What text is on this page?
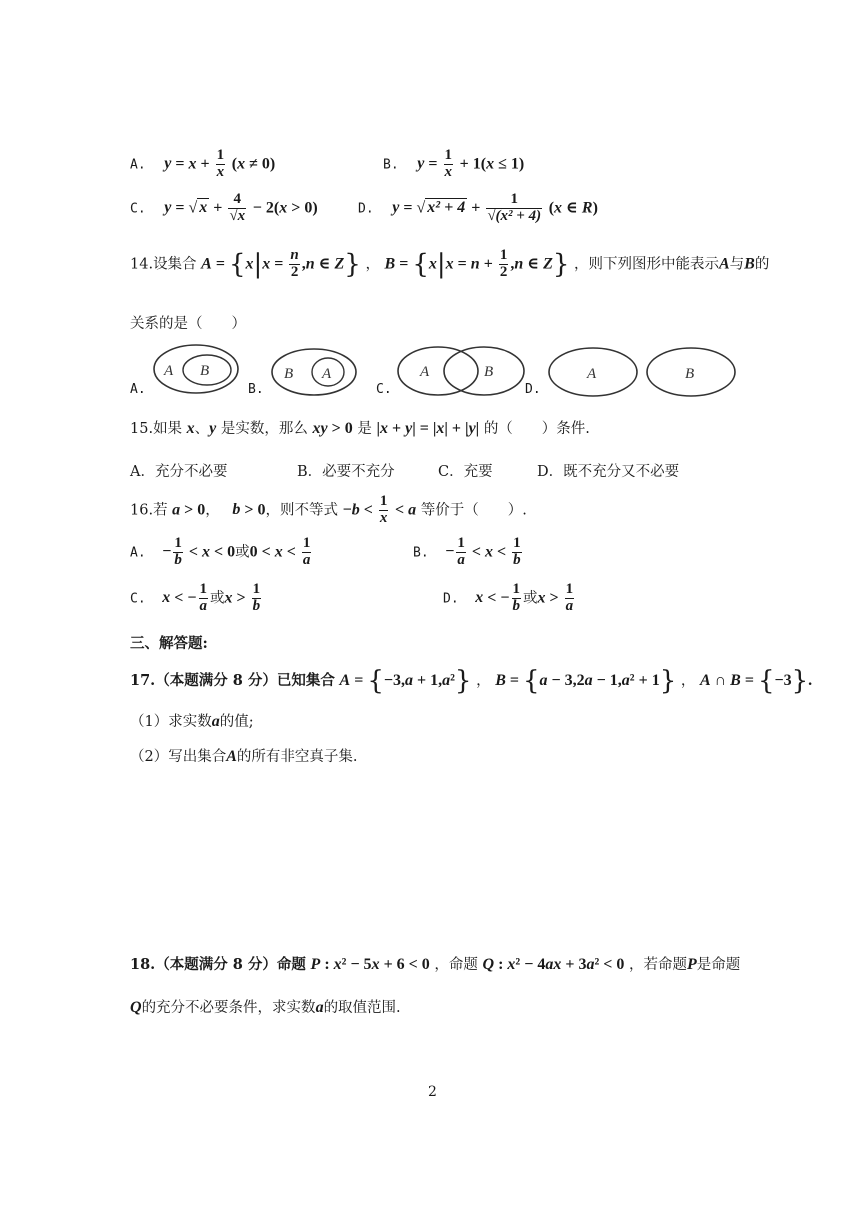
A. $y = x + \frac{1}{x} (x \ne 0)$	B. $y = \frac{1}{x} + 1(x \le 1)$
C. y = √ $x + \frac{4}{√x} - 2(x > 0)$	D. y = √ $x^2 + 4 + \frac{1}{\text{√(x² + 4)}} (x$ ∈ R)
14.设集合 $A = \{x|x = \frac{n}{2} ,n$ ∈ Z} ， $B = \{x|x = n + \frac{1}{2} ,n$ ∈ Z} ，则下列图形中能表示A与B的
关系的是（　　）
A.
A B
B.
B A
C.
A	B
D.
A	B
15.如果 x、y 是实数，那么 xy > 0 是 |x + y| = |x| + |y| 的（　　）条件.
A．充分不必要	B．必要不充分	C．充要	D．既不充分又不必要
16.若 a > 0， b > 0，则不等式 $-b < \frac{1}{x} < a$ 等价于（　　）.
A. − $\frac{1}{b} < x < 0$或$0 < x < \frac{1}{a}$	B. − $\frac{1}{a} < x < \frac{1}{b}$
C. x < − $\frac{1}{a}$ 或$x > \frac{1}{b}$	D. x < − $\frac{1}{b}$ 或$x > \frac{1}{a}$
三、解答题:
17.（本题满分 8 分）已知集合 A = {−3,a + 1,a²} ， B = {a − 3,2a − 1,a² + 1} ， A ∩ B = {−3}.
（1）求实数a的值;
（2）写出集合A的所有非空真子集.
18.（本题满分 8 分）命题 P : x² − 5x + 6 < 0 ，命题 Q : x² − 4ax + 3a² < 0 ，若命题P是命题
Q的充分不必要条件，求实数a的取值范围.
2
